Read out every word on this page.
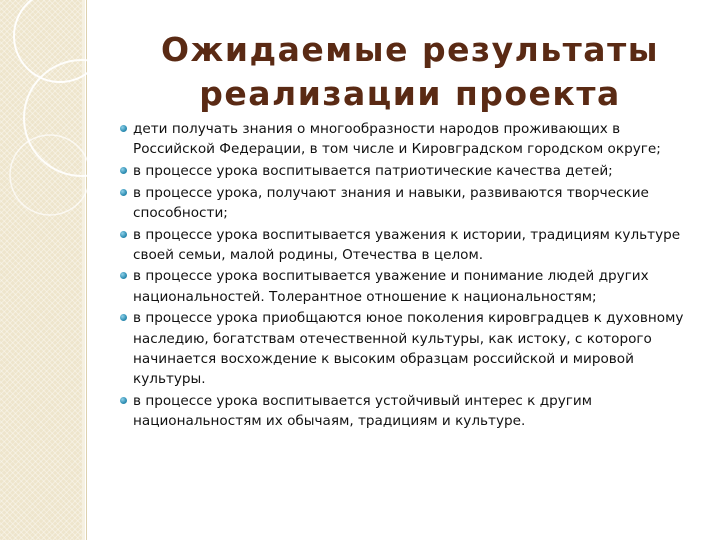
Ожидаемые результаты
реализации проекта
дети получать знания о многообразности народов проживающих в Российской Федерации, в том числе и Кировградском городском округе;
в процессе урока воспитывается патриотические качества детей;
в процессе урока, получают знания и навыки, развиваются творческие способности;
в процессе урока воспитывается уважения к истории, традициям культуре своей семьи, малой родины, Отечества в целом.
в процессе урока воспитывается уважение и понимание людей других национальностей. Толерантное отношение к национальностям;
в процессе урока приобщаются юное поколения кировградцев к духовному наследию, богатствам отечественной культуры, как истоку, с которого начинается восхождение к высоким образцам российской и мировой культуры.
в процессе урока воспитывается устойчивый интерес к другим национальностям их обычаям, традициям и культуре.
